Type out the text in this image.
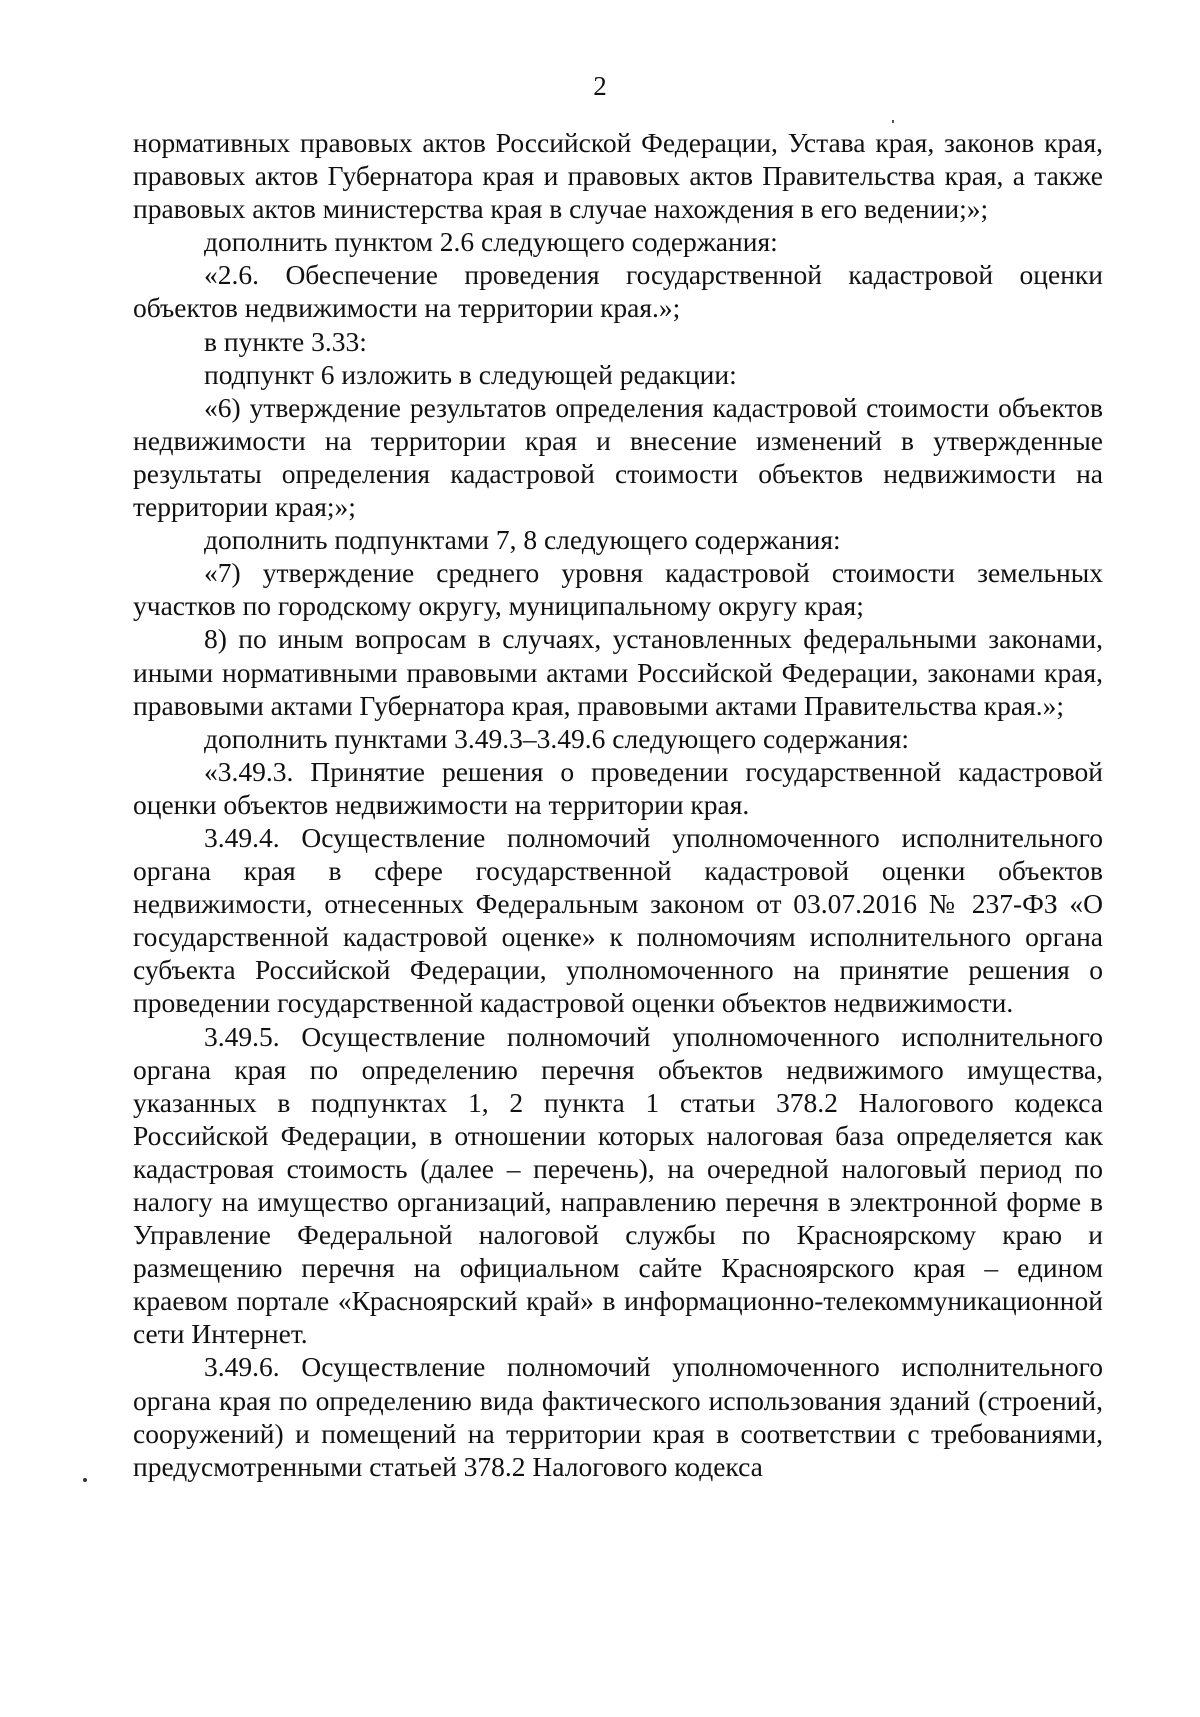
2

нормативных правовых актов Российской Федерации, Устава края, законов края, правовых актов Губернатора края и правовых актов Правительства края, а также правовых актов министерства края в случае нахождения в его ведении;»;

дополнить пунктом 2.6 следующего содержания:

«2.6. Обеспечение проведения государственной кадастровой оценки объектов недвижимости на территории края.»;

в пункте 3.33:

подпункт 6 изложить в следующей редакции:

«6) утверждение результатов определения кадастровой стоимости объектов недвижимости на территории края и внесение изменений в утвержденные результаты определения кадастровой стоимости объектов недвижимости на территории края;»;

дополнить подпунктами 7, 8 следующего содержания:

«7) утверждение среднего уровня кадастровой стоимости земельных участков по городскому округу, муниципальному округу края;

8) по иным вопросам в случаях, установленных федеральными законами, иными нормативными правовыми актами Российской Федерации, законами края, правовыми актами Губернатора края, правовыми актами Правительства края.»;

дополнить пунктами 3.49.3–3.49.6 следующего содержания:

«3.49.3. Принятие решения о проведении государственной кадастровой оценки объектов недвижимости на территории края.

3.49.4. Осуществление полномочий уполномоченного исполнительного органа края в сфере государственной кадастровой оценки объектов недвижимости, отнесенных Федеральным законом от 03.07.2016 № 237-ФЗ «О государственной кадастровой оценке» к полномочиям исполнительного органа субъекта Российской Федерации, уполномоченного на принятие решения о проведении государственной кадастровой оценки объектов недвижимости.

3.49.5. Осуществление полномочий уполномоченного исполнительного органа края по определению перечня объектов недвижимого имущества, указанных в подпунктах 1, 2 пункта 1 статьи 378.2 Налогового кодекса Российской Федерации, в отношении которых налоговая база определяется как кадастровая стоимость (далее – перечень), на очередной налоговый период по налогу на имущество организаций, направлению перечня в электронной форме в Управление Федеральной налоговой службы по Красноярскому краю и размещению перечня на официальном сайте Красноярского края – едином краевом портале «Красноярский край» в информационно-телекоммуникационной сети Интернет.

3.49.6. Осуществление полномочий уполномоченного исполнительного органа края по определению вида фактического использования зданий (строений, сооружений) и помещений на территории края в соответствии с требованиями, предусмотренными статьей 378.2 Налогового кодекса
